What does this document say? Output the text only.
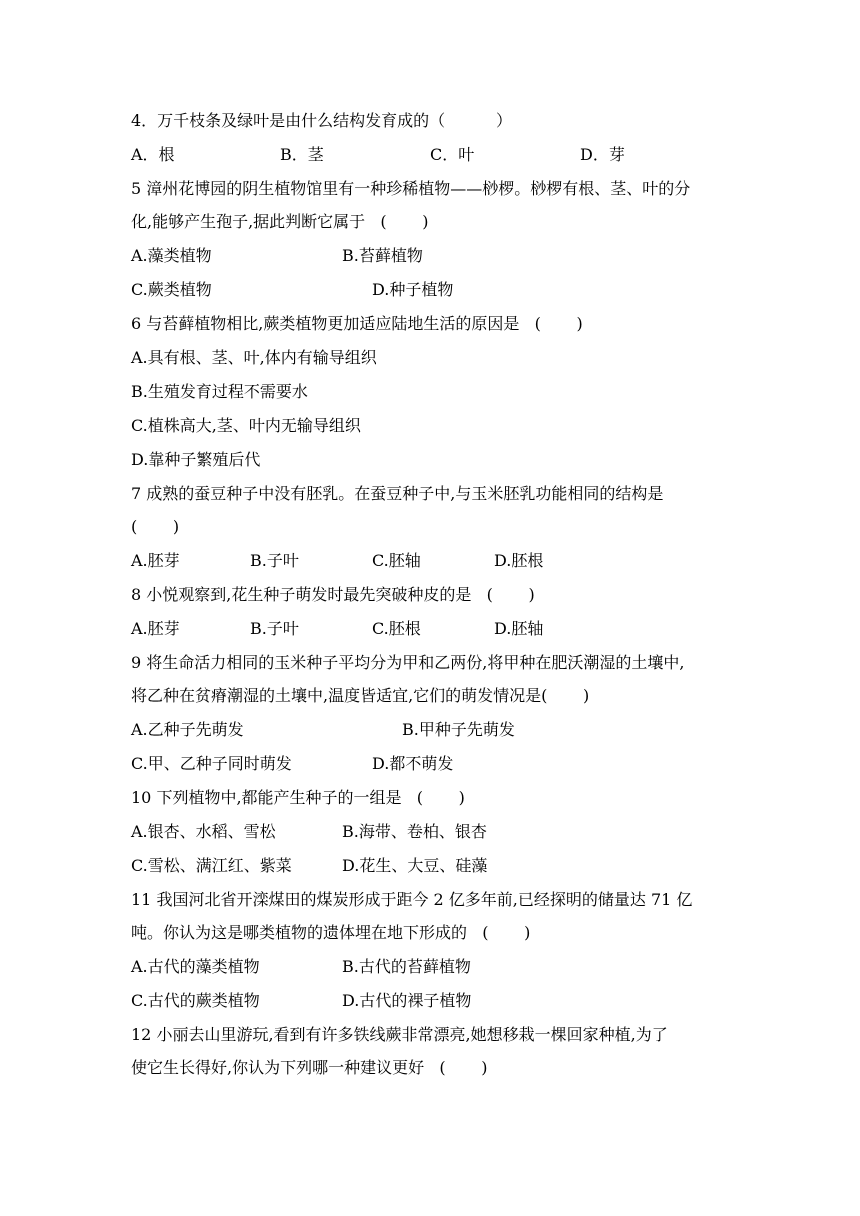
4．万千枝条及绿叶是由什么结构发育成的（          ）
A．根	B．茎	C．叶	D．芽
5 漳州花博园的阴生植物馆里有一种珍稀植物——桫椤。桫椤有根、茎、叶的分
化,能够产生孢子,据此判断它属于   (       )
A.藻类植物	B.苔藓植物
C.蕨类植物	D.种子植物
6 与苔藓植物相比,蕨类植物更加适应陆地生活的原因是   (       )
A.具有根、茎、叶,体内有输导组织
B.生殖发育过程不需要水
C.植株高大,茎、叶内无输导组织
D.靠种子繁殖后代
7 成熟的蚕豆种子中没有胚乳。在蚕豆种子中,与玉米胚乳功能相同的结构是
(       )
A.胚芽	B.子叶	C.胚轴	D.胚根
8 小悦观察到,花生种子萌发时最先突破种皮的是   (       )
A.胚芽	B.子叶	C.胚根	D.胚轴
9 将生命活力相同的玉米种子平均分为甲和乙两份,将甲种在肥沃潮湿的土壤中,
将乙种在贫瘠潮湿的土壤中,温度皆适宜,它们的萌发情况是(       )
A.乙种子先萌发	B.甲种子先萌发
C.甲、乙种子同时萌发	D.都不萌发
10 下列植物中,都能产生种子的一组是   (       )
A.银杏、水稻、雪松	B.海带、卷柏、银杏
C.雪松、满江红、紫菜	D.花生、大豆、硅藻
11 我国河北省开滦煤田的煤炭形成于距今 2 亿多年前,已经探明的储量达 71 亿
吨。你认为这是哪类植物的遗体埋在地下形成的   (       )
A.古代的藻类植物	B.古代的苔藓植物
C.古代的蕨类植物	D.古代的裸子植物
12 小丽去山里游玩,看到有许多铁线蕨非常漂亮,她想移栽一棵回家种植,为了
使它生长得好,你认为下列哪一种建议更好   (       )
